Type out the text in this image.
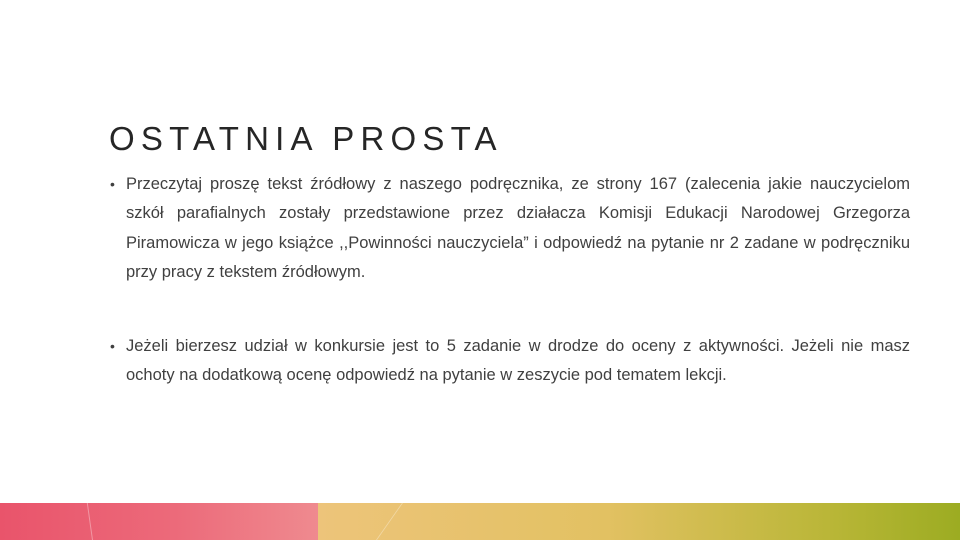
OSTATNIA PROSTA
• Przeczytaj proszę tekst źródłowy z naszego podręcznika, ze strony 167 (zalecenia jakie nauczycielom szkół parafialnych zostały przedstawione przez działacza Komisji Edukacji Narodowej Grzegorza Piramowicza w jego książce ,,Powinności nauczyciela” i odpowiedź na pytanie nr 2 zadane w podręczniku przy pracy z tekstem źródłowym.
• Jeżeli bierzesz udział w konkursie jest to 5 zadanie w drodze do oceny z aktywności. Jeżeli nie masz ochoty na dodatkową ocenę odpowiedź na pytanie w zeszycie pod tematem lekcji.
